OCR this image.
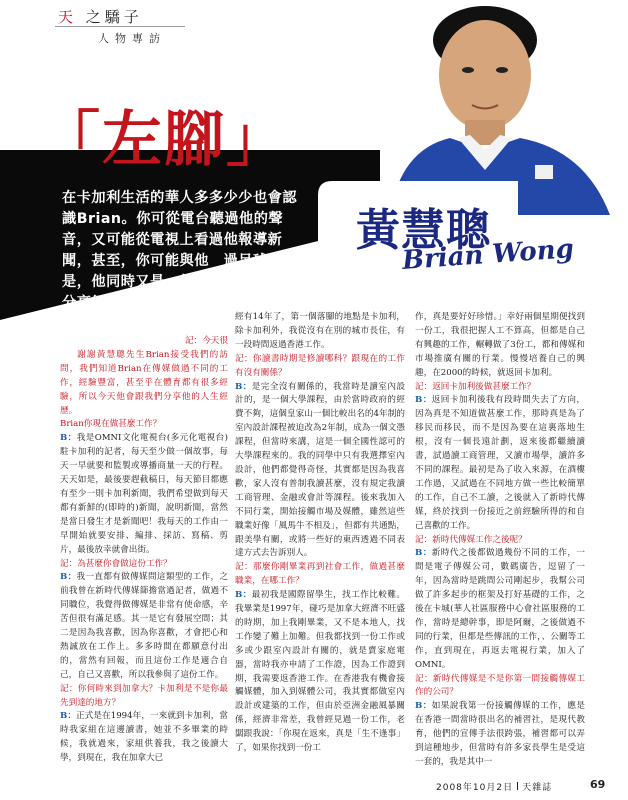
天 之驕子
人物專訪
「左腳」
在卡加利生活的華人多多少少也會認識Brian。你可從電台聽過他的聲音，又可能從電視上看過他報導新聞，甚至，你可能與他　過足球。但是，他同時又是一個很愛與人傾談、分享經驗的人。
黃慧聰
Brian Wong

記：今天很

謝謝黃慧聰先生Brian接受我們的訪問，我們知道Brian在傳媒做過不同的工作，經驗豐富，甚至乎在體育都有很多經驗，所以今天他會跟我們分享他的人生經歷。

Brian你現在做甚麼工作？

B：我是OMNI文化電視台(多元化電視台)駐卡加利的記者，每天至少做一個故事，每天一早就要和監製或導播商量一天的行程。天天如是，最後要趕截稿日，每天節目都應有至少一則卡加利新聞，我們希望做到每天都有新鮮的(即時的)新聞，說明新聞，當然是當日發生才是新聞吧！我每天的工作由一早開始就要安排、編排、採訪、寫稿、剪片，最後放幸就會出街。

記：為甚麼你會做這份工作？

B：我一直都有做傳媒問這類型的工作，之前我曾在新時代傳媒篩擔當過記者，做過不同職位，我覺得做傳媒是非常有使命感，辛苦但很有滿足感。其一是它有發展空間；其二是因為我喜歡，因為你喜歡，才會把心和熱誠放在工作上。多多時間在都願意付出的，當然有回報，而且這份工作是適合自己，自己又喜歡，所以我參與了這份工作。

記：你何時來到加拿大？卡加利是不是你最先到達的地方？

B：正式是在1994年，一來就到卡加利，當時我家組在這邊讀書，她並不多畢業的時候，我就過來，家組供養我，我之後讀大學，到現在，我在加拿大已

經有14年了，第一個落腳的地點是卡加利，除卡加利外，我從沒有在別的城市長住，有一段時間返過香港工作。

記：你讀書時期是修讀哪科？跟現在的工作有沒有關係？

B：是完全沒有關係的，我當時是讀室內設計的，是一個大學課程，由於當時政府的經費不夠，這個皇家山一個比較出名的4年制的室內設計課程被迫改為2年制，成為一個文憑課程，但當時來講，這是一個全國性認可的大學課程來的。我的同學中只有我選擇室內設計，他們都覺得奇怪，其實都是因為我喜歡，家人沒有普制我讀甚麼，沒有規定我讀工商管理、金融或會計等課程。後來我加入不同行業，開始接觸市場及媒體，雖然這些職業好像「風馬牛不相及」，但都有共通點，跟美學有關，或將一些好的東西透過不同表達方式去告訴別人。

記：那麼你剛畢業再到社會工作，做過甚麼職業，在哪工作？

B：最初我是國際留學生，找工作比較難。我畢業是1997年，碰巧是加拿大經濟不旺盛的時期，加上我剛畢業，又不是本地人，找工作變了難上加難。但我都找到一份工作或多或少跟室內設計有關的，就是賣家庭電器，當時我亦申請了工作證，因為工作證到期，我需要返香港工作。在香港我有機會接觸媒體，加入到媒體公司，我其實都做室內設計或建築的工作，但由於亞洲金融風暴關係，經濟非常差，我曾經見過一份工作，老闆跟我說：「你現在返來，真是「生不逢事」了，如果你找到一份工

作，真是要好好珍惜。」幸好兩個星期便找到一份工，我很把握人工不算高，但都是自己有興趣的工作，輾轉做了3份工，都和傳媒和市場推廣有關的行業。慢慢培養自己的興趣，在2000的時候，就返回卡加利。

記：返回卡加利後做甚麼工作？

B：返回卡加利後我有段時間失去了方向，因為真是不知道做甚麼工作，那時真是為了移民而移民，而不是因為要在這裏落地生根，沒有一個長遠計劃，返來後都繼續讀書，試過讀工商管理，又讀市場學，讀許多不同的課程。最初是為了收入來源，在酒樓工作過，又試過在不同地方做一些比較簡單的工作，自己不工讀，之後就入了新時代傳媒，終於找到一份接近之前經驗所得的和自己喜歡的工作。

記：新時代傳媒工作之後呢？

B：新時代之後都做過幾份不同的工作，一間是電子傳媒公司，數碼廣告，逗留了一年，因為當時是跳間公司剛起步，我幫公司做了許多起步的框架及打好基礎的工作，之後在卡城(華人社區服務中心會社區服務的工作，當時是總幹事，即是阿爾，之後做過不同的行業，但都是些傳訊的工作，、公關等工作，直到現在，再返去電視行業，加入了OMNI。

記：新時代傳媒是不是你第一間接觸傳媒工作的公司？

B：如果說我第一份接觸傳媒的工作，應是在香港一間當時很出名的補習社，是現代教育，他們的宣傳手法很跨張，補習都可以弄到這種地步，但當時有許多家長學生是受這一套的，我是其中一

2008年10月2日 天雜誌	69
